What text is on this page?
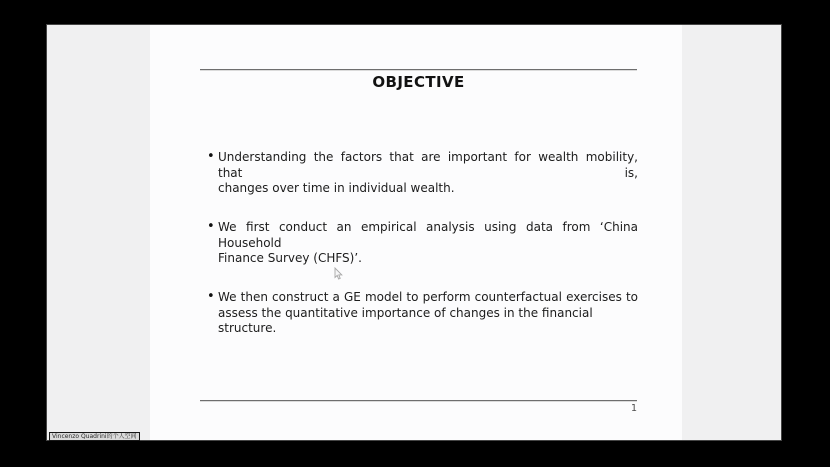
OBJECTIVE
• Understanding the factors that are important for wealth mobility, that is,
changes over time in individual wealth.
• We first conduct an empirical analysis using data from ‘China Household
Finance Survey (CHFS)’.
• We then construct a GE model to perform counterfactual exercises to
assess the quantitative importance of changes in the financial structure.
1
Vincenzo Quadrini的个人空间
